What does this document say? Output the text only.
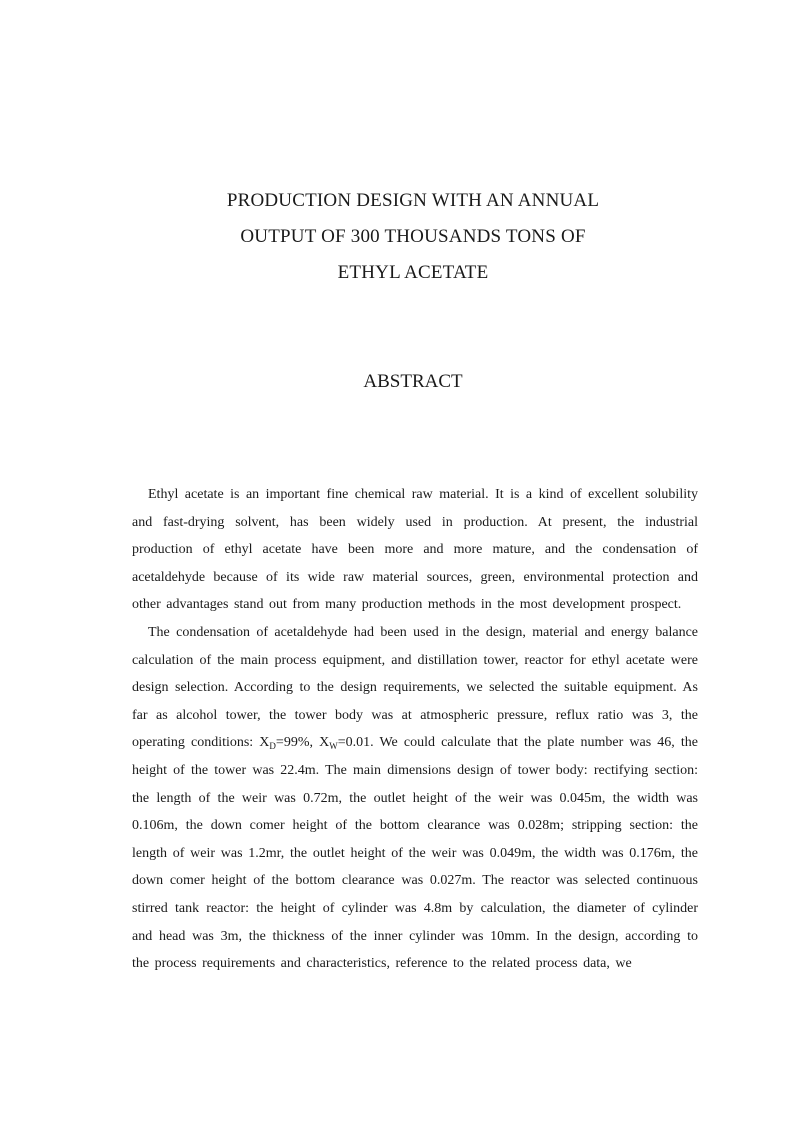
PRODUCTION DESIGN WITH AN ANNUAL
OUTPUT OF 300 THOUSANDS TONS OF
ETHYL ACETATE
ABSTRACT

Ethyl acetate is an important fine chemical raw material. It is a kind of excellent solubility and fast-drying solvent, has been widely used in production. At present, the industrial production of ethyl acetate have been more and more mature, and the condensation of acetaldehyde because of its wide raw material sources, green, environmental protection and other advantages stand out from many production methods in the most development prospect.

The condensation of acetaldehyde had been used in the design, material and energy balance calculation of the main process equipment, and distillation tower, reactor for ethyl acetate were design selection. According to the design requirements, we selected the suitable equipment. As far as alcohol tower, the tower body was at atmospheric pressure, reflux ratio was 3, the operating conditions: $X_D=99\%$, $X_W=0.01$. We could calculate that the plate number was 46, the height of the tower was 22.4m. The main dimensions design of tower body: rectifying section: the length of the weir was 0.72m, the outlet height of the weir was 0.045m, the width was 0.106m, the down comer height of the bottom clearance was 0.028m; stripping section: the length of weir was 1.2mr, the outlet height of the weir was 0.049m, the width was 0.176m, the down comer height of the bottom clearance was 0.027m. The reactor was selected continuous stirred tank reactor: the height of cylinder was 4.8m by calculation, the diameter of cylinder and head was 3m, the thickness of the inner cylinder was 10mm. In the design, according to the process requirements and characteristics, reference to the related process data, we
